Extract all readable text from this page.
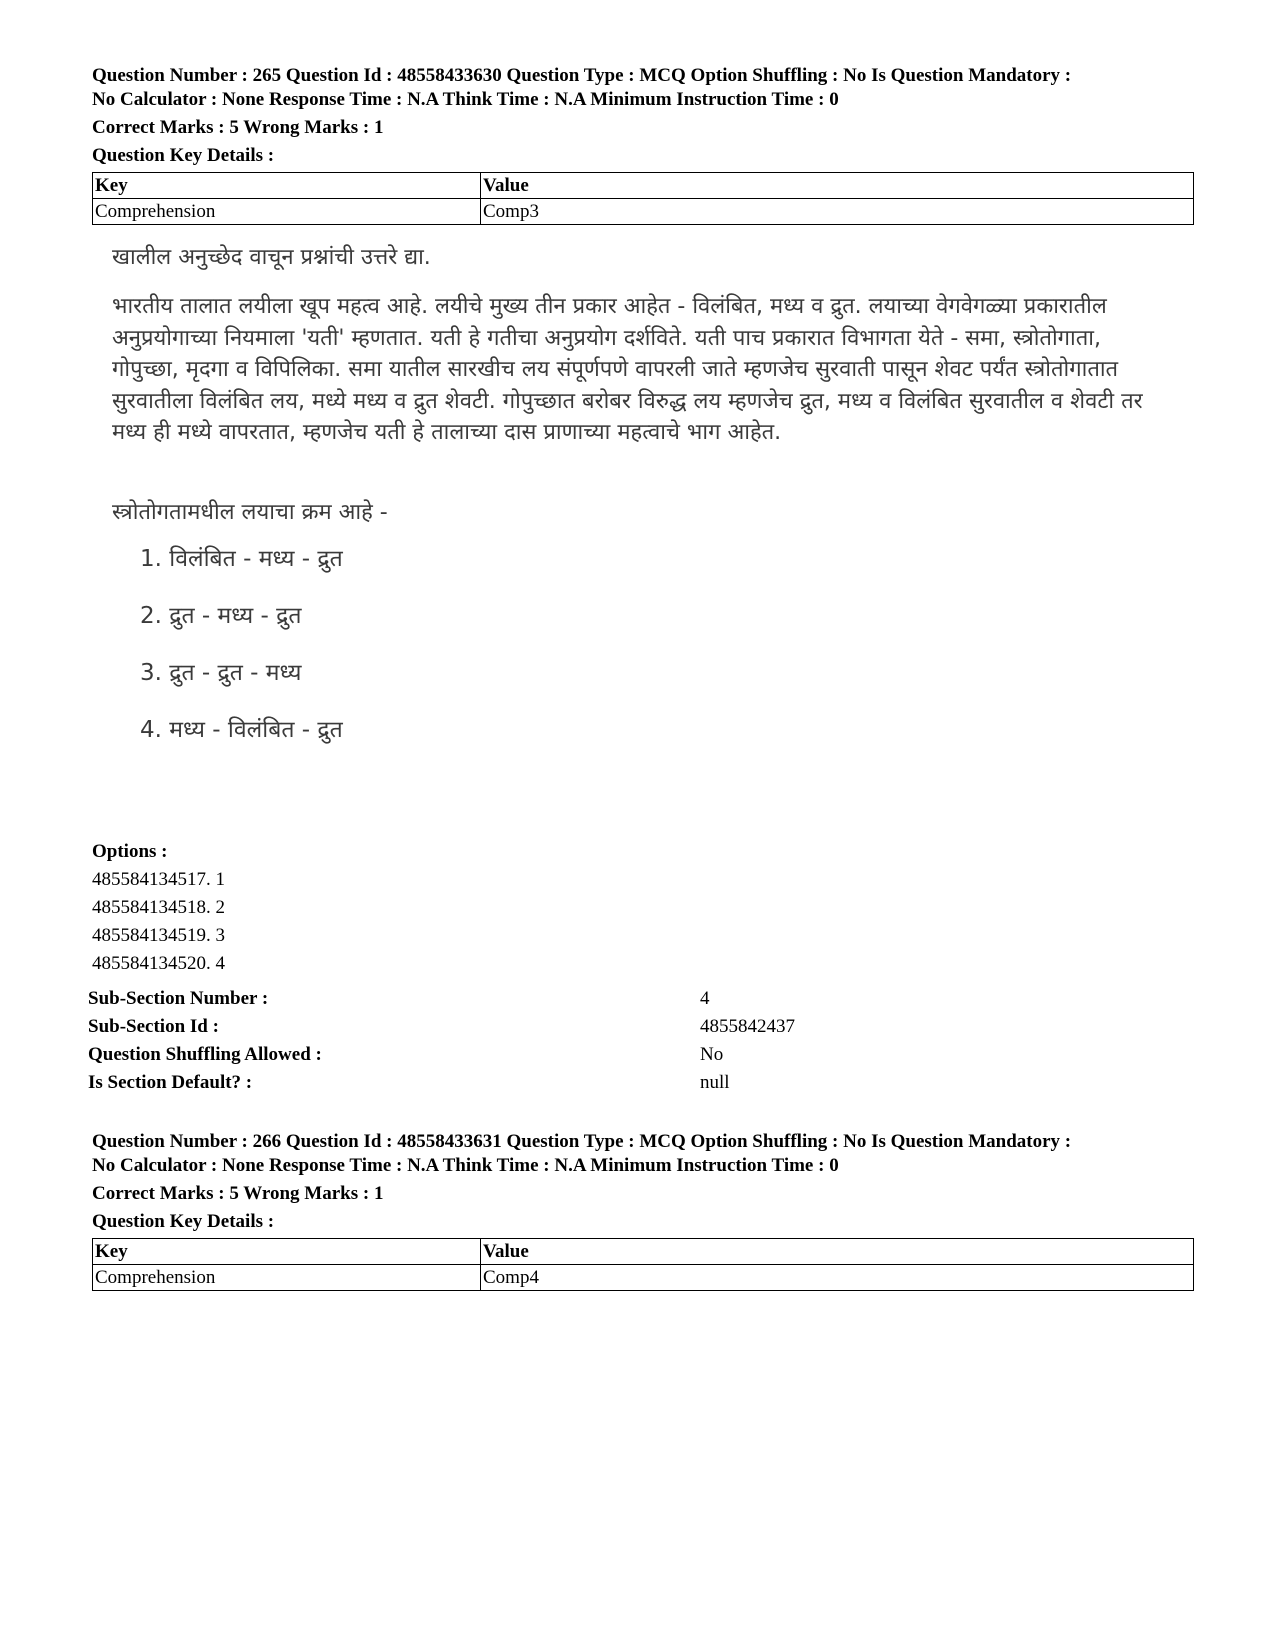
Question Number : 265 Question Id : 48558433630 Question Type : MCQ Option Shuffling : No Is Question Mandatory :

No Calculator : None Response Time : N.A Think Time : N.A Minimum Instruction Time : 0

Correct Marks : 5 Wrong Marks : 1

Question Key Details :

Key	Value
Comprehension	Comp3

खालील अनुच्छेद वाचून प्रश्नांची उत्तरे द्या.

भारतीय तालात लयीला खूप महत्व आहे. लयीचे मुख्य तीन प्रकार आहेत - विलंबित, मध्य व द्रुत. लयाच्या वेगवेगळ्या प्रकारातील अनुप्रयोगाच्या नियमाला 'यती' म्हणतात. यती हे गतीचा अनुप्रयोग दर्शविते. यती पाच प्रकारात विभागता येते - समा, स्त्रोतोगाता, गोपुच्छा, मृदगा व विपिलिका. समा यातील सारखीच लय संपूर्णपणे वापरली जाते म्हणजेच सुरवाती पासून शेवट पर्यंत स्त्रोतोगातात सुरवातीला विलंबित लय, मध्ये मध्य व द्रुत शेवटी. गोपुच्छात बरोबर विरुद्ध लय म्हणजेच द्रुत, मध्य व विलंबित सुरवातील व शेवटी तर मध्य ही मध्ये वापरतात, म्हणजेच यती हे तालाच्या दास प्राणाच्या महत्वाचे भाग आहेत.

स्त्रोतोगतामधील लयाचा क्रम आहे -

1. विलंबित - मध्य - द्रुत
2. द्रुत - मध्य - द्रुत
3. द्रुत - द्रुत - मध्य
4. मध्य - विलंबित - द्रुत
Options :
485584134517. 1
485584134518. 2
485584134519. 3
485584134520. 4
Sub-Section Number :	4
Sub-Section Id :	4855842437
Question Shuffling Allowed :	No
Is Section Default? :	null

Question Number : 266 Question Id : 48558433631 Question Type : MCQ Option Shuffling : No Is Question Mandatory :

No Calculator : None Response Time : N.A Think Time : N.A Minimum Instruction Time : 0

Correct Marks : 5 Wrong Marks : 1

Question Key Details :

Key	Value
Comprehension	Comp4
